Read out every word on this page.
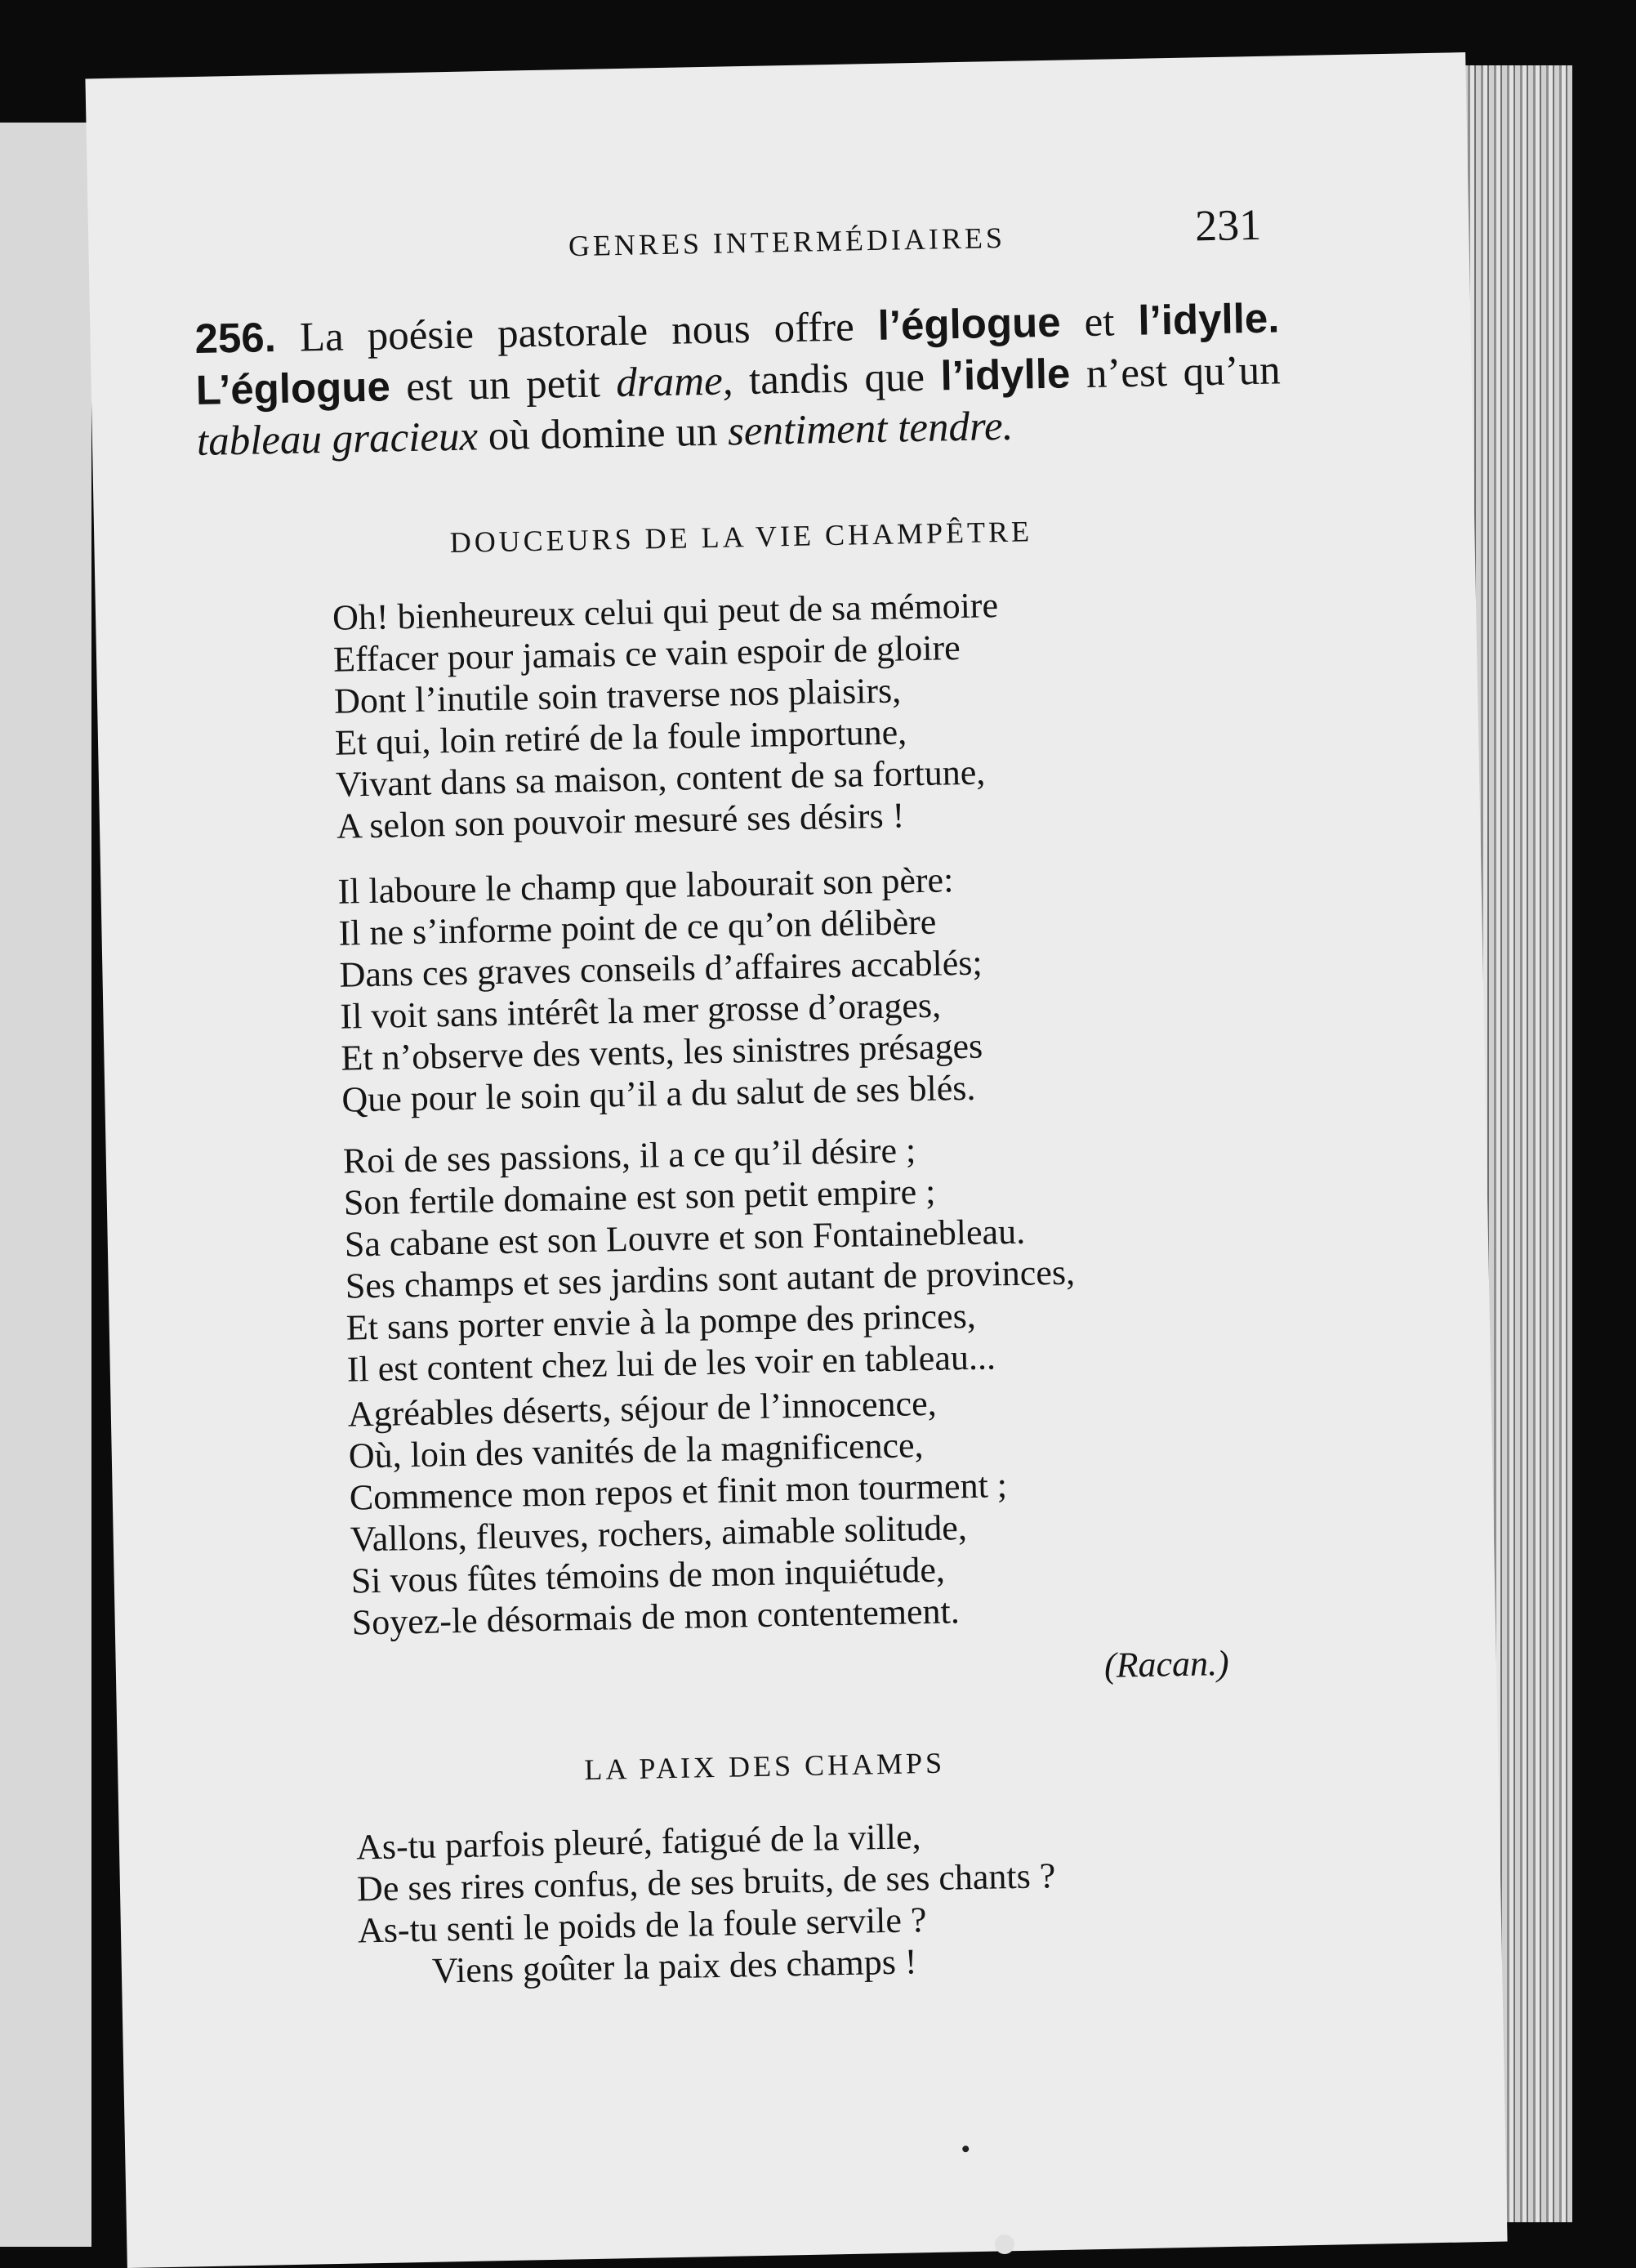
GENRES INTERMÉDIAIRES	231
256. La poésie pastorale nous offre l’églogue et l’idylle. L’églogue est un petit drame, tandis que l’idylle n’est qu’un tableau gracieux où domine un sentiment tendre.
DOUCEURS DE LA VIE CHAMPÊTRE
Oh! bienheureux celui qui peut de sa mémoire
Effacer pour jamais ce vain espoir de gloire
Dont l’inutile soin traverse nos plaisirs,
Et qui, loin retiré de la foule importune,
Vivant dans sa maison, content de sa fortune,
A selon son pouvoir mesuré ses désirs !
Il laboure le champ que labourait son père:
Il ne s’informe point de ce qu’on délibère
Dans ces graves conseils d’affaires accablés;
Il voit sans intérêt la mer grosse d’orages,
Et n’observe des vents, les sinistres présages
Que pour le soin qu’il a du salut de ses blés.
Roi de ses passions, il a ce qu’il désire ;
Son fertile domaine est son petit empire ;
Sa cabane est son Louvre et son Fontainebleau.
Ses champs et ses jardins sont autant de provinces,
Et sans porter envie à la pompe des princes,
Il est content chez lui de les voir en tableau...
Agréables déserts, séjour de l’innocence,
Où, loin des vanités de la magnificence,
Commence mon repos et finit mon tourment ;
Vallons, fleuves, rochers, aimable solitude,
Si vous fûtes témoins de mon inquiétude,
Soyez-le désormais de mon contentement.
(Racan.)
LA PAIX DES CHAMPS
As-tu parfois pleuré, fatigué de la ville,
De ses rires confus, de ses bruits, de ses chants ?
As-tu senti le poids de la foule servile ?
Viens goûter la paix des champs !
